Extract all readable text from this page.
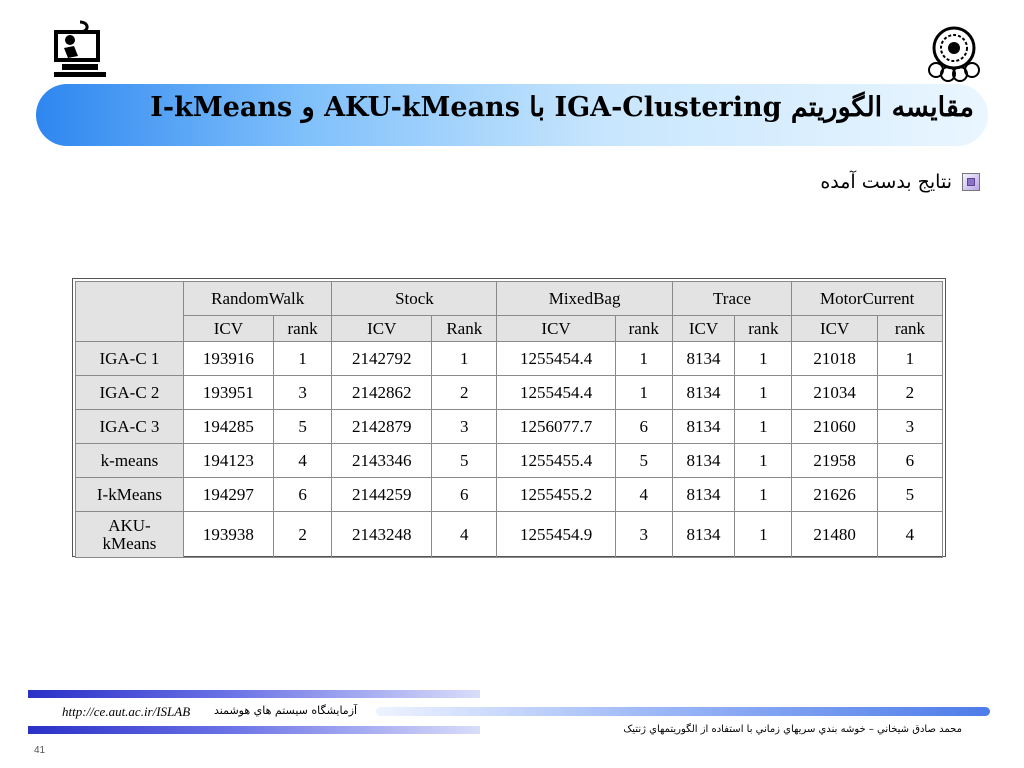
مقایسه الگوریتم IGA-Clustering با AKU-kMeans و I-kMeans
نتايج بدست آمده
	RandomWalk		Stock		MixedBag		Trace		MotorCurrent	
	ICV	rank	ICV	Rank	ICV	rank	ICV	rank	ICV	rank
IGA-C 1	193916	1	2142792	1	1255454.4	1	8134	1	21018	1
IGA-C 2	193951	3	2142862	2	1255454.4	1	8134	1	21034	2
IGA-C 3	194285	5	2142879	3	1256077.7	6	8134	1	21060	3
k-means	194123	4	2143346	5	1255455.4	5	8134	1	21958	6
I-kMeans	194297	6	2144259	6	1255455.2	4	8134	1	21626	5
AKU-
kMeans	193938	2	2143248	4	1255454.9	3	8134	1	21480	4
http://ce.aut.ac.ir/ISLAB آزمايشگاه سيستم هاي هوشمند
محمد صادق شيخاني – خوشه بندي سريهاي زماني با استفاده از الگوريتمهاي ژنتيک
41
